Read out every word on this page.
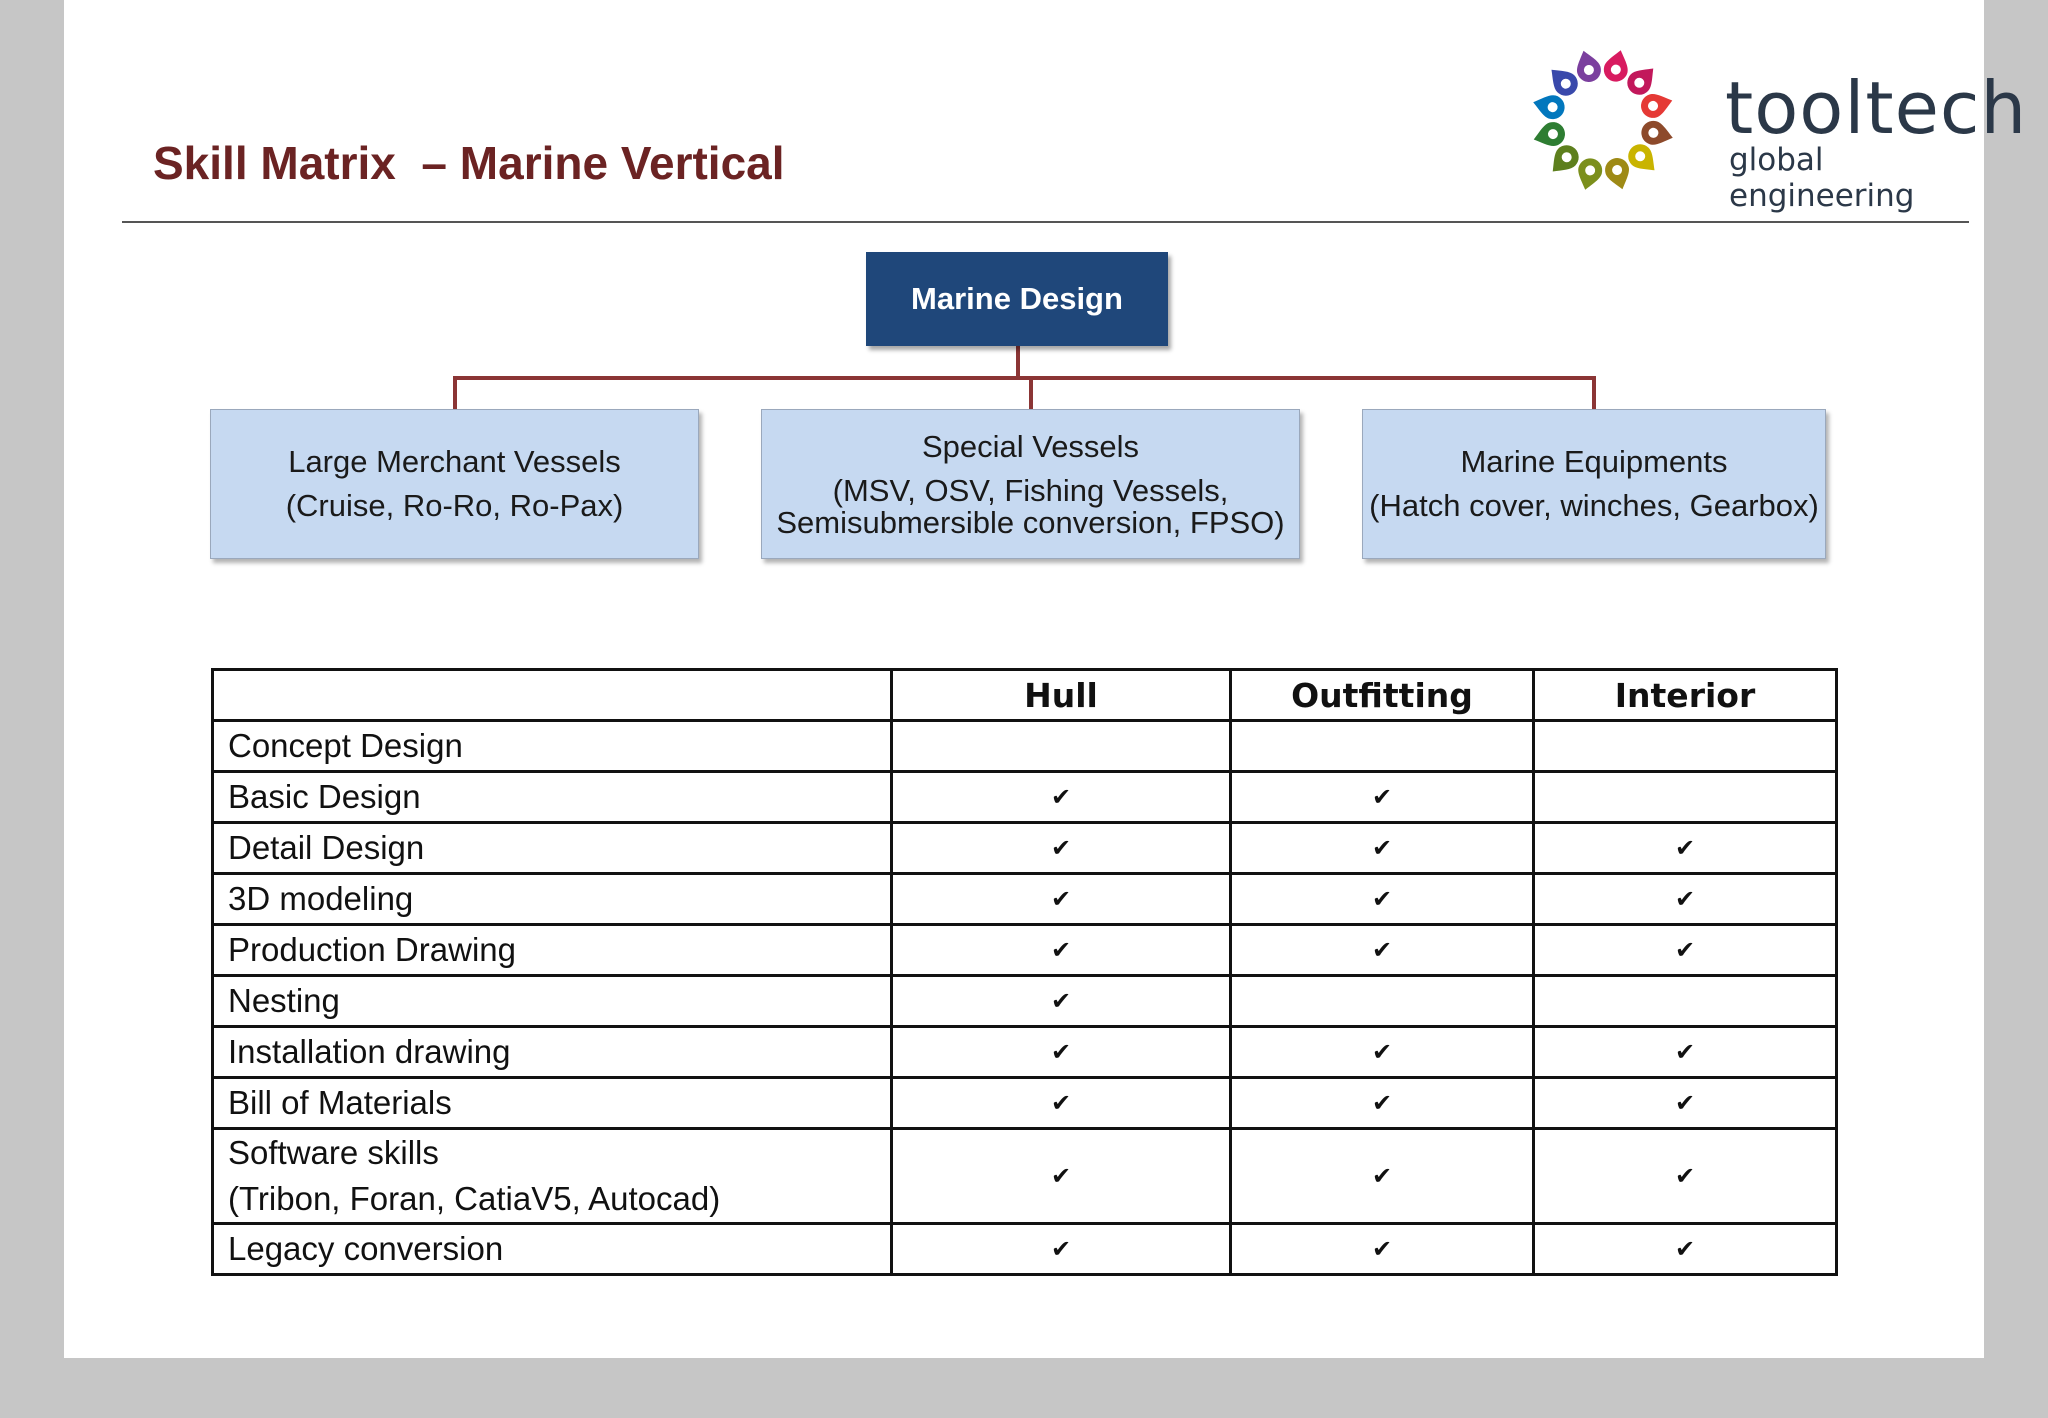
Skill Matrix  – Marine Vertical
tooltech
global engineering
Marine Design
Large Merchant Vessels
(Cruise, Ro-Ro, Ro-Pax)
Special Vessels
(MSV, OSV, Fishing Vessels,
Semisubmersible conversion, FPSO)
Marine Equipments
(Hatch cover, winches, Gearbox)
	Hull	Outfitting	Interior
Concept Design			
Basic Design	✔	✔	
Detail Design	✔	✔	✔
3D modeling	✔	✔	✔
Production Drawing	✔	✔	✔
Nesting	✔		
Installation drawing	✔	✔	✔
Bill of Materials	✔	✔	✔

Software skills
(Tribon, Foran, CatiaV5, Autocad)	✔	✔	✔
Legacy conversion	✔	✔	✔
